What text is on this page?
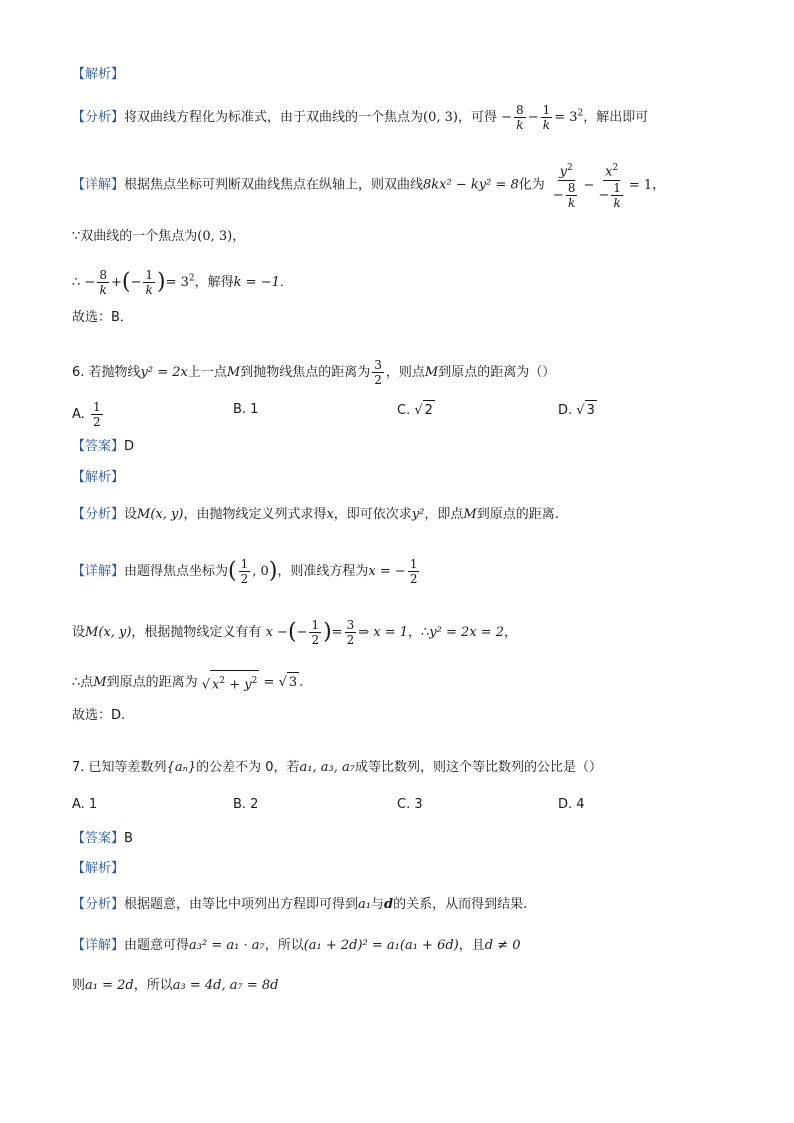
【解析】
【分析】将双曲线方程化为标准式，由于双曲线的一个焦点为(0, 3)，可得 − $\frac{8}{k} - \frac{1}{k} = 3^2$，解出即可
【详解】根据焦点坐标可判断双曲线焦点在纵轴上，则双曲线8kx² − ky² = 8化为 $\frac{y^2}{- \frac{8}{k}} - \frac{x^2}{- \frac{1}{k}} = 1$，
∵双曲线的一个焦点为(0, 3)，
∴ − $\frac{8}{k}$ +(− $\frac{1}{k}$ )= $3^2$，解得k = −1．
故选：B．
6. 若抛物线y² = 2x上一点M到抛物线焦点的距离为 $\frac{3}{2}$ ，则点M到原点的距离为（）
A. $\frac{1}{2}$	B. 1	C. √ 2	D. √ 3
【答案】D
【解析】
【分析】设M(x, y)，由抛物线定义列式求得x，即可依次求y²，即点M到原点的距离.
【详解】由题得焦点坐标为( $\frac{1}{2}$ , 0)，则准线方程为x = − $\frac{1}{2}$
设M(x, y)，根据抛物线定义有有 x −(− $\frac{1}{2}$ )= $\frac{3}{2}$ ⇒ x = 1，∴y² = 2x = 2，
∴点M到原点的距离为 √ $x^2 + y^2$ = √ 3 .
故选：D.
7. 已知等差数列{aₙ}的公差不为 0，若a₁, a₃, a₇成等比数列，则这个等比数列的公比是（）
A. 1	B. 2	C. 3	D. 4
【答案】B
【解析】
【分析】根据题意，由等比中项列出方程即可得到a₁与d的关系，从而得到结果.
【详解】由题意可得a₃² = a₁ · a₇，所以(a₁ + 2d)² = a₁(a₁ + 6d)，且d ≠ 0
则a₁ = 2d，所以a₃ = 4d, a₇ = 8d
